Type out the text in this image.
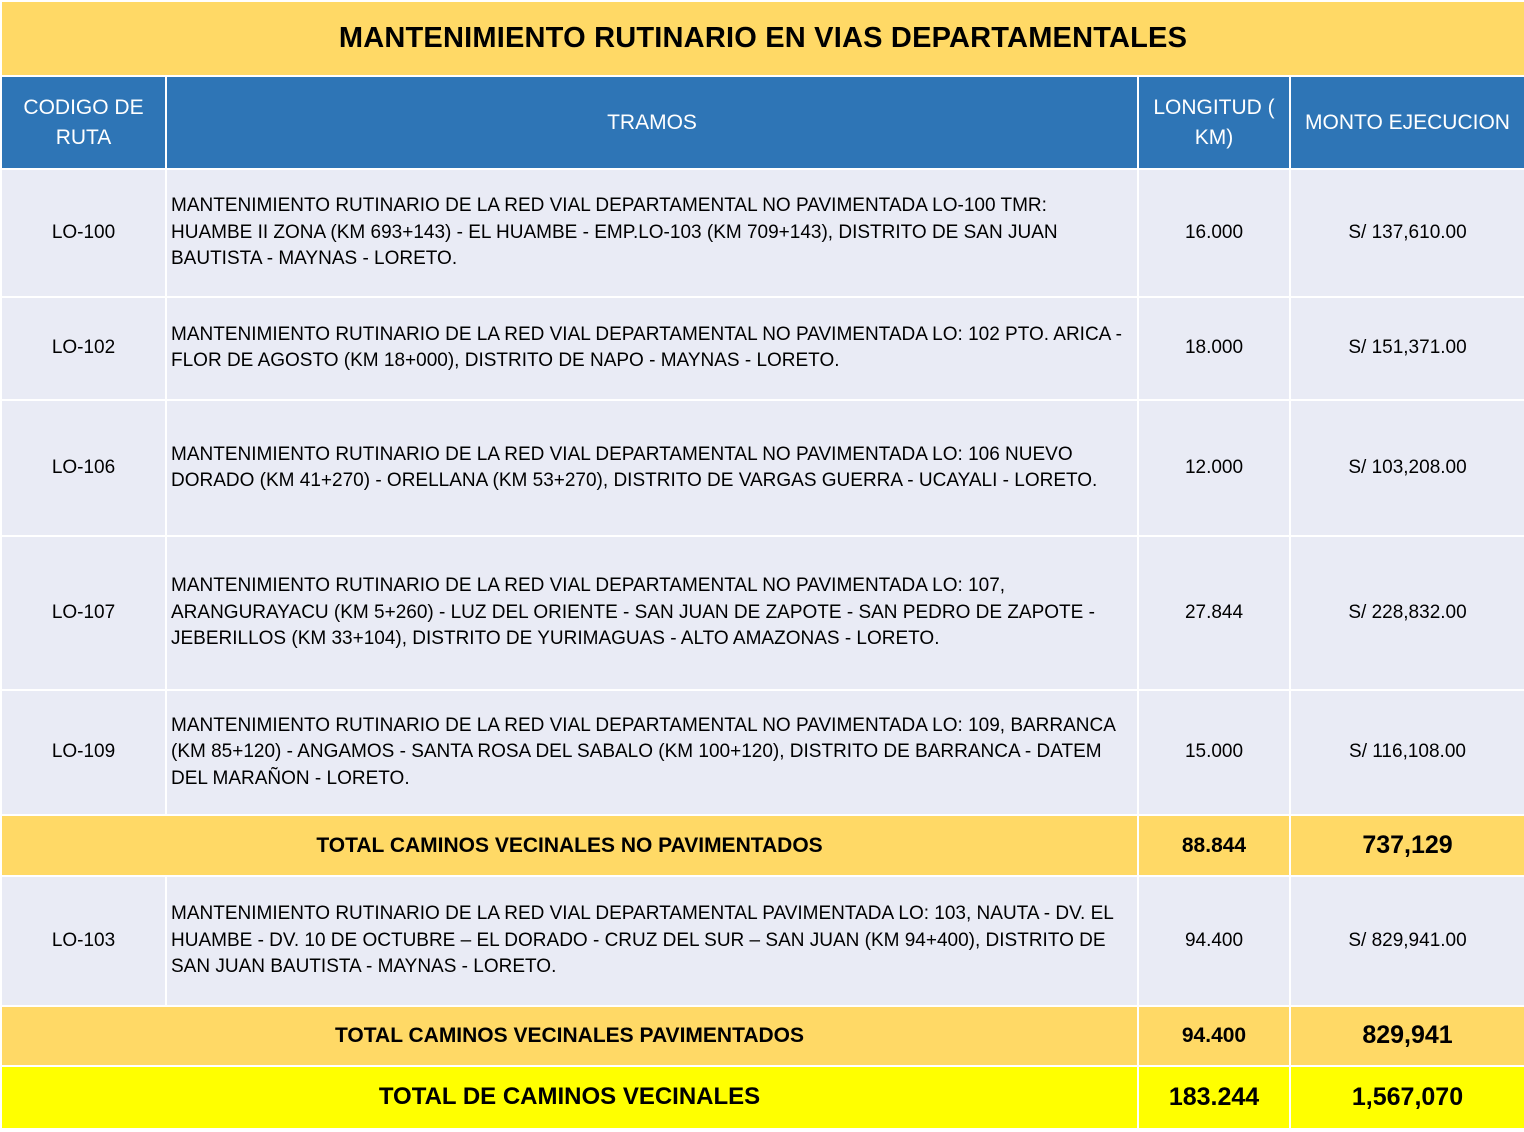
MANTENIMIENTO RUTINARIO EN VIAS DEPARTAMENTALES			
CODIGO DE RUTA	TRAMOS	LONGITUD ( KM)	MONTO EJECUCION
LO-100	MANTENIMIENTO RUTINARIO DE LA RED VIAL DEPARTAMENTAL NO PAVIMENTADA LO-100 TMR: HUAMBE II ZONA (KM 693+143) - EL HUAMBE - EMP.LO-103 (KM 709+143), DISTRITO DE SAN JUAN BAUTISTA - MAYNAS - LORETO.	16.000	S/ 137,610.00
LO-102	MANTENIMIENTO RUTINARIO DE LA RED VIAL DEPARTAMENTAL NO PAVIMENTADA LO: 102 PTO. ARICA - FLOR DE AGOSTO (KM 18+000), DISTRITO DE NAPO - MAYNAS - LORETO.	18.000	S/ 151,371.00
LO-106	MANTENIMIENTO RUTINARIO DE LA RED VIAL DEPARTAMENTAL NO PAVIMENTADA LO: 106 NUEVO DORADO (KM 41+270) - ORELLANA (KM 53+270), DISTRITO DE VARGAS GUERRA - UCAYALI - LORETO.	12.000	S/ 103,208.00
LO-107	MANTENIMIENTO RUTINARIO DE LA RED VIAL DEPARTAMENTAL NO PAVIMENTADA LO: 107, ARANGURAYACU (KM 5+260) - LUZ DEL ORIENTE - SAN JUAN DE ZAPOTE - SAN PEDRO DE ZAPOTE - JEBERILLOS (KM 33+104), DISTRITO DE YURIMAGUAS - ALTO AMAZONAS - LORETO.	27.844	S/ 228,832.00
LO-109	MANTENIMIENTO RUTINARIO DE LA RED VIAL DEPARTAMENTAL NO PAVIMENTADA LO: 109, BARRANCA (KM 85+120) - ANGAMOS - SANTA ROSA DEL SABALO (KM 100+120), DISTRITO DE BARRANCA - DATEM DEL MARAÑON - LORETO.	15.000	S/ 116,108.00
TOTAL CAMINOS VECINALES NO PAVIMENTADOS		88.844	737,129
LO-103	MANTENIMIENTO RUTINARIO DE LA RED VIAL DEPARTAMENTAL PAVIMENTADA LO: 103, NAUTA - DV. EL HUAMBE - DV. 10 DE OCTUBRE – EL DORADO - CRUZ DEL SUR – SAN JUAN (KM 94+400), DISTRITO DE SAN JUAN BAUTISTA - MAYNAS - LORETO.	94.400	S/ 829,941.00
TOTAL CAMINOS VECINALES PAVIMENTADOS		94.400	829,941
TOTAL DE CAMINOS VECINALES		183.244	1,567,070
